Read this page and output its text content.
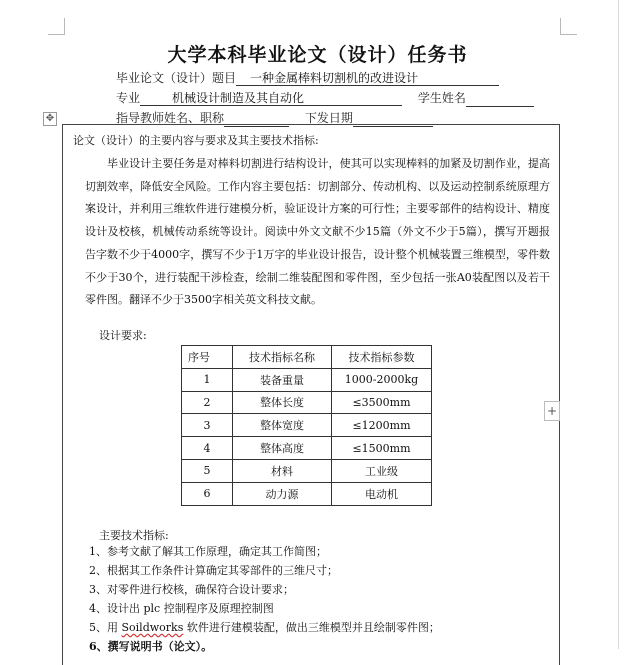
大学本科毕业论文（设计）任务书
毕业论文（设计）题目 一种金属棒料切割机的改进设计
专业	机械设计制造及其自动化	学生姓名
指导教师姓名、职称	下发日期
✥
论文（设计）的主要内容与要求及其主要技术指标:
毕业设计主要任务是对棒料切割进行结构设计，使其可以实现棒料的加紧及切割作业，提高切割效率，降低安全风险。工作内容主要包括：切割部分、传动机构、以及运动控制系统原理方案设计，并利用三维软件进行建模分析，验证设计方案的可行性；主要零部件的结构设计、精度设计及校核，机械传动系统等设计。阅读中外文文献不少15篇（外文不少于5篇），撰写开题报告字数不少于4000字，撰写不少于1万字的毕业设计报告，设计整个机械装置三维模型，零件数不少于30个，进行装配干涉检查，绘制二维装配图和零件图，至少包括一张A0装配图以及若干零件图。翻译不少于3500字相关英文科技文献。
设计要求:
序号	技术指标名称	技术指标参数
1	装备重量	1000-2000kg
2	整体长度	≤3500mm
3	整体宽度	≤1200mm
4	整体高度	≤1500mm
5	材料	工业级
6	动力源	电动机
主要技术指标:
1、参考文献了解其工作原理，确定其工作简图；
2、根据其工作条件计算确定其零部件的三维尺寸；
3、对零件进行校核，确保符合设计要求；
4、设计出 plc 控制程序及原理控制图
5、用 Soildworks 软件进行建模装配，做出三维模型并且绘制零件图；
6、撰写说明书（论文）。
+
